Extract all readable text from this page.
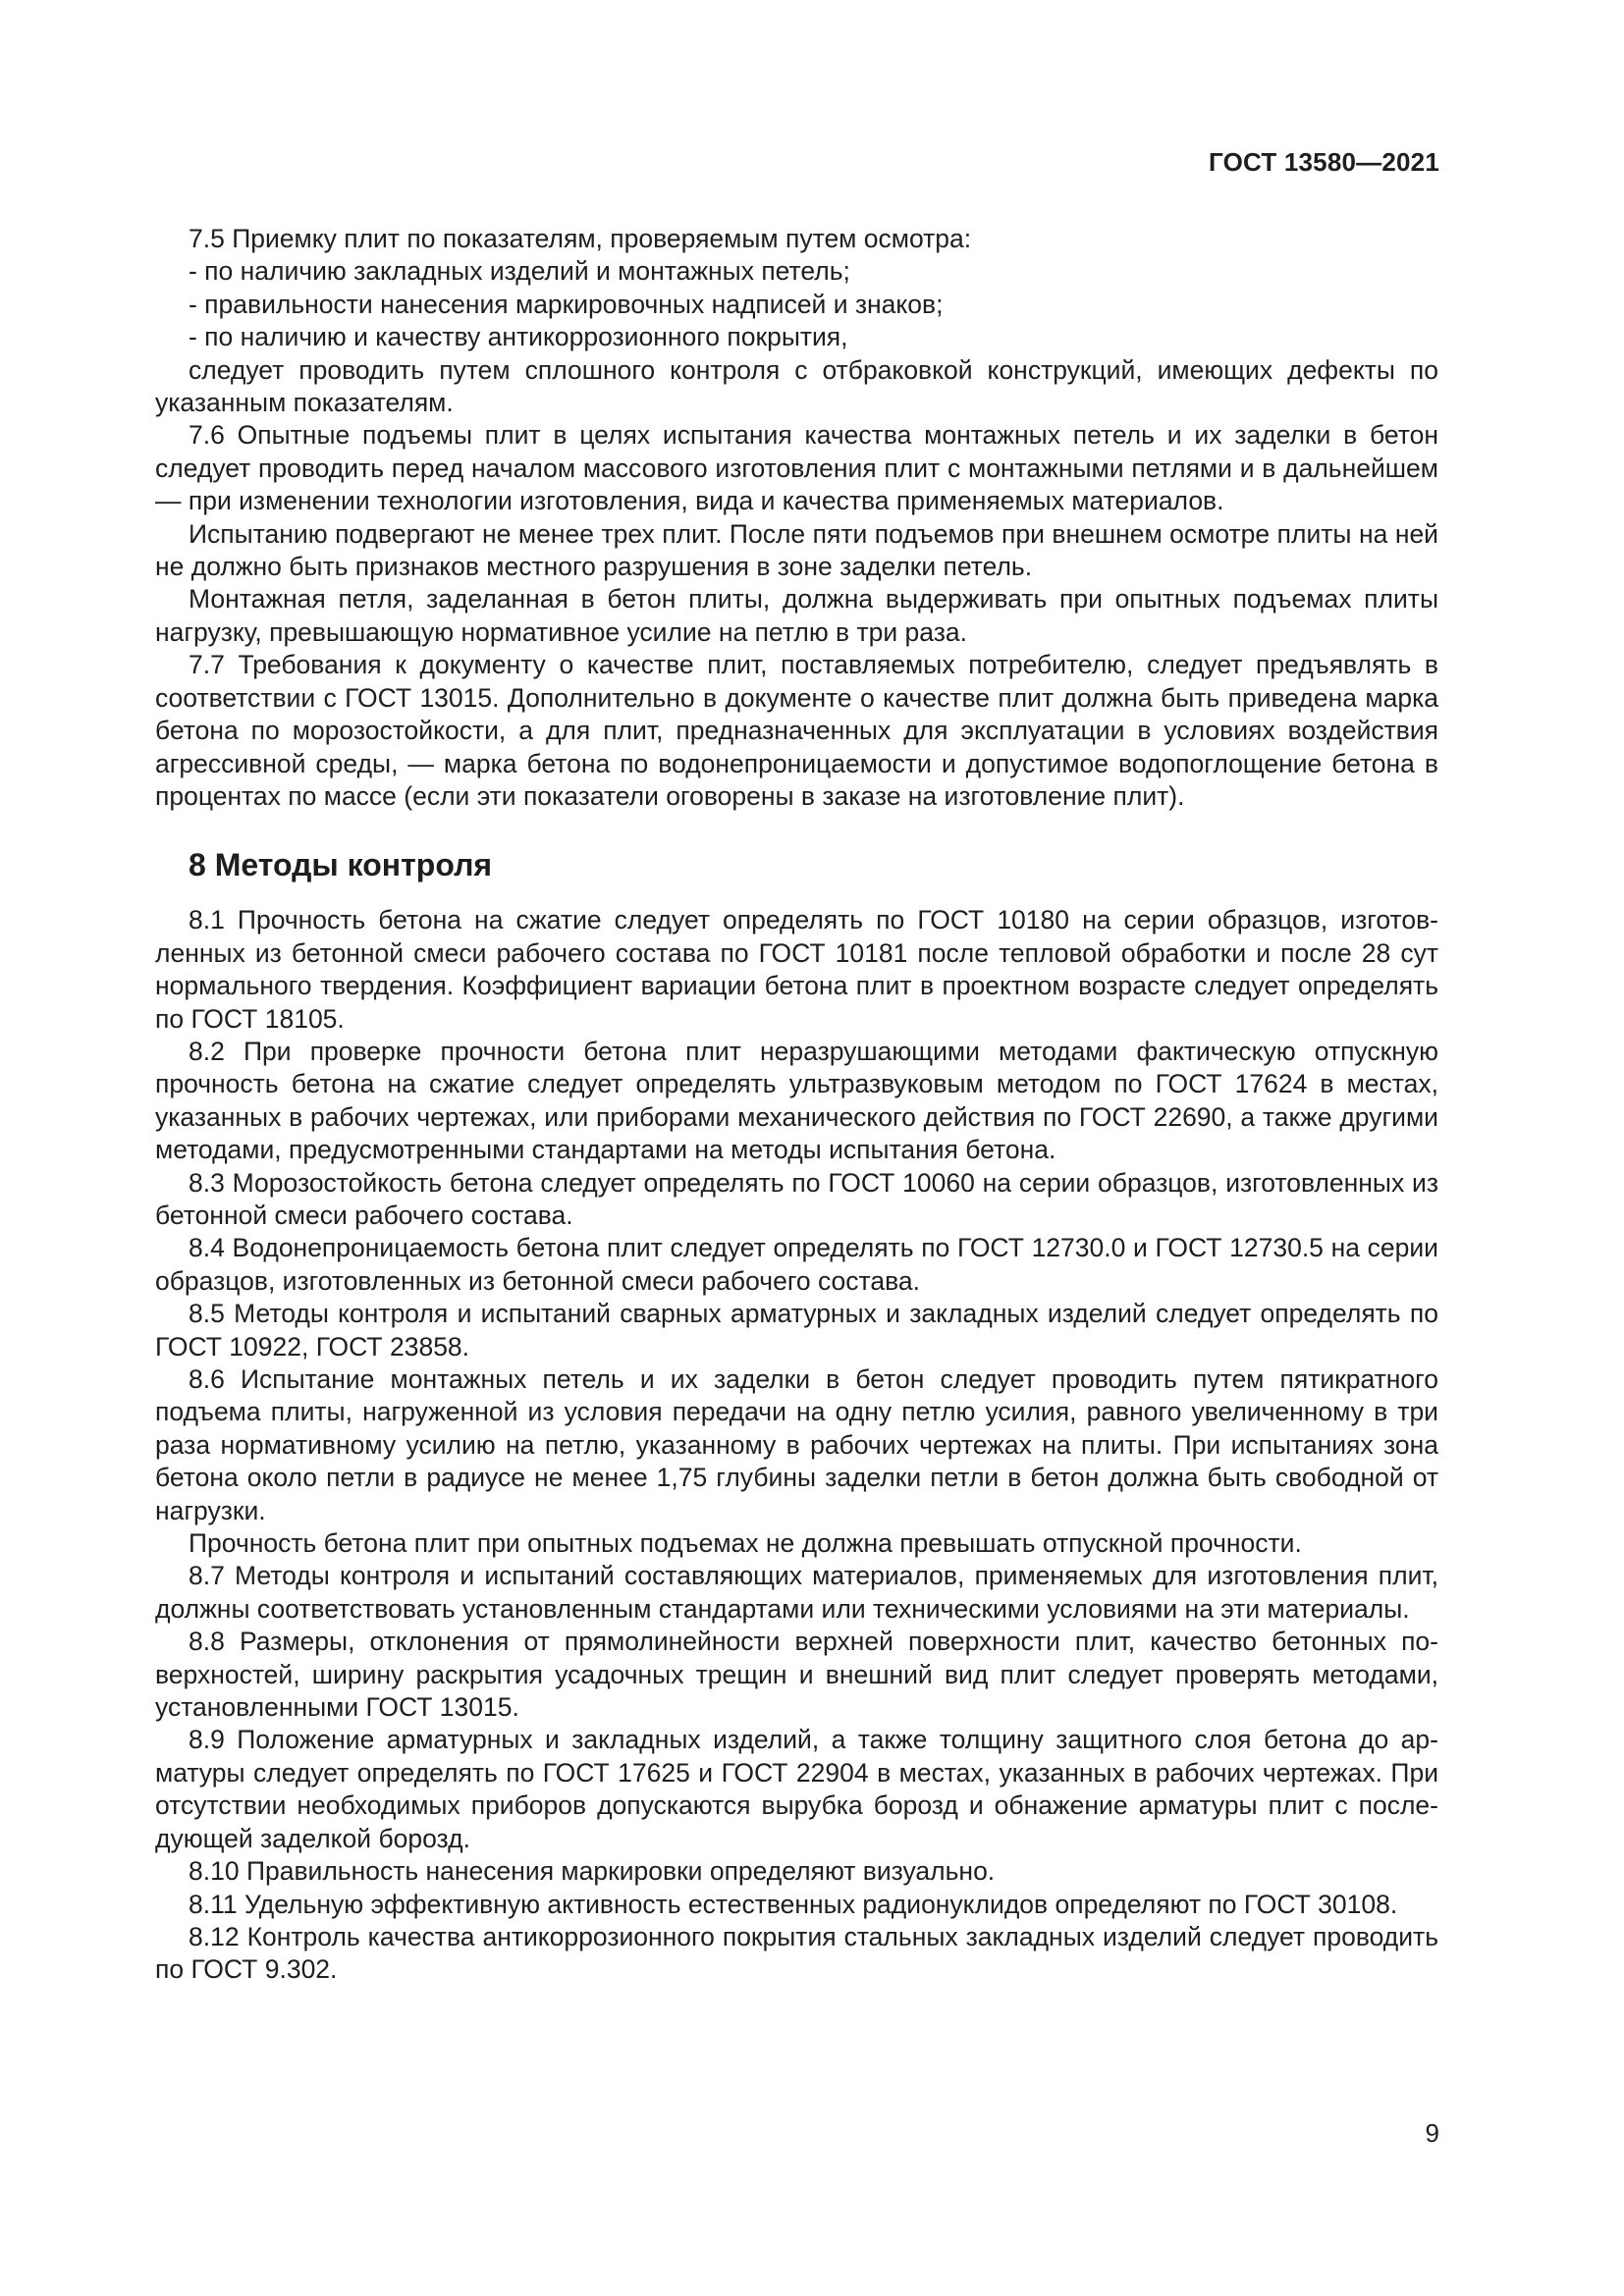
ГОСТ 13580—2021

7.5 Приемку плит по показателям, проверяемым путем осмотра:

- по наличию закладных изделий и монтажных петель;

- правильности нанесения маркировочных надписей и знаков;

- по наличию и качеству антикоррозионного покрытия,

следует проводить путем сплошного контроля с отбраковкой конструкций, имеющих дефекты по указанным показателям.

7.6 Опытные подъемы плит в целях испытания качества монтажных петель и их заделки в бетон следует проводить перед началом массового изготовления плит с монтажными петлями и в дальнейшем — при изменении технологии изготовления, вида и качества применяемых материалов.

Испытанию подвергают не менее трех плит. После пяти подъемов при внешнем осмотре плиты на ней не должно быть признаков местного разрушения в зоне заделки петель.

Монтажная петля, заделанная в бетон плиты, должна выдерживать при опытных подъемах плиты нагрузку, превышающую нормативное усилие на петлю в три раза.

7.7 Требования к документу о качестве плит, поставляемых потребителю, следует предъявлять в соответствии с ГОСТ 13015. Дополнительно в документе о качестве плит должна быть приведена марка бетона по морозостойкости, а для плит, предназначенных для эксплуатации в условиях воздействия агрессивной среды, — марка бетона по водонепроницаемости и допустимое водопоглощение бетона в процентах по массе (если эти показатели оговорены в заказе на изготовление плит).

8 Методы контроля

8.1 Прочность бетона на сжатие следует определять по ГОСТ 10180 на серии образцов, изготовленных из бетонной смеси рабочего состава по ГОСТ 10181 после тепловой обработки и после 28 сут нормального твердения. Коэффициент вариации бетона плит в проектном возрасте следует определять по ГОСТ 18105.

8.2 При проверке прочности бетона плит неразрушающими методами фактическую отпускную прочность бетона на сжатие следует определять ультразвуковым методом по ГОСТ 17624 в местах, указанных в рабочих чертежах, или приборами механического действия по ГОСТ 22690, а также другими методами, предусмотренными стандартами на методы испытания бетона.

8.3 Морозостойкость бетона следует определять по ГОСТ 10060 на серии образцов, изготовленных из бетонной смеси рабочего состава.

8.4 Водонепроницаемость бетона плит следует определять по ГОСТ 12730.0 и ГОСТ 12730.5 на серии образцов, изготовленных из бетонной смеси рабочего состава.

8.5 Методы контроля и испытаний сварных арматурных и закладных изделий следует определять по ГОСТ 10922, ГОСТ 23858.

8.6 Испытание монтажных петель и их заделки в бетон следует проводить путем пятикратного подъема плиты, нагруженной из условия передачи на одну петлю усилия, равного увеличенному в три раза нормативному усилию на петлю, указанному в рабочих чертежах на плиты. При испытаниях зона бетона около петли в радиусе не менее 1,75 глубины заделки петли в бетон должна быть свободной от нагрузки.

Прочность бетона плит при опытных подъемах не должна превышать отпускной прочности.

8.7 Методы контроля и испытаний составляющих материалов, применяемых для изготовления плит, должны соответствовать установленным стандартами или техническими условиями на эти материалы.

8.8 Размеры, отклонения от прямолинейности верхней поверхности плит, качество бетонных поверхностей, ширину раскрытия усадочных трещин и внешний вид плит следует проверять методами, установленными ГОСТ 13015.

8.9 Положение арматурных и закладных изделий, а также толщину защитного слоя бетона до арматуры следует определять по ГОСТ 17625 и ГОСТ 22904 в местах, указанных в рабочих чертежах. При отсутствии необходимых приборов допускаются вырубка борозд и обнажение арматуры плит с последующей заделкой борозд.

8.10 Правильность нанесения маркировки определяют визуально.

8.11 Удельную эффективную активность естественных радионуклидов определяют по ГОСТ 30108.

8.12 Контроль качества антикоррозионного покрытия стальных закладных изделий следует проводить по ГОСТ 9.302.

9
